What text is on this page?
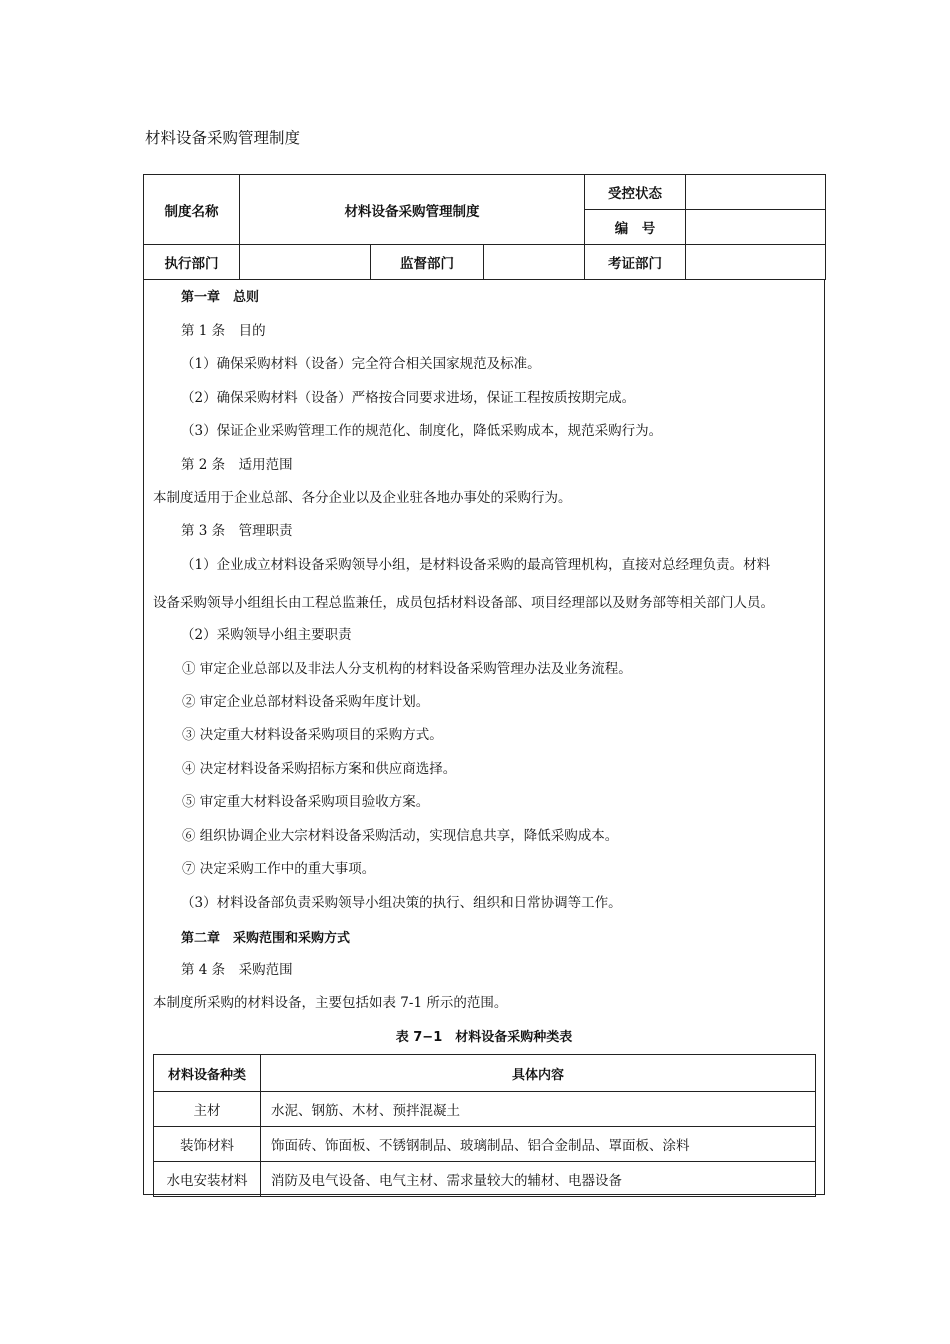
材料设备采购管理制度
制度名称	材料设备采购管理制度			受控状态	
				编　号	
执行部门		监督部门		考证部门	
第一章　总则
第 1 条　目的
（1）确保采购材料（设备）完全符合相关国家规范及标准。
（2）确保采购材料（设备）严格按合同要求进场，保证工程按质按期完成。
（3）保证企业采购管理工作的规范化、制度化，降低采购成本，规范采购行为。
第 2 条　适用范围
本制度适用于企业总部、各分企业以及企业驻各地办事处的采购行为。
第 3 条　管理职责
（1）企业成立材料设备采购领导小组，是材料设备采购的最高管理机构，直接对总经理负责。材料
设备采购领导小组组长由工程总监兼任，成员包括材料设备部、项目经理部以及财务部等相关部门人员。
（2）采购领导小组主要职责
① 审定企业总部以及非法人分支机构的材料设备采购管理办法及业务流程。
② 审定企业总部材料设备采购年度计划。
③ 决定重大材料设备采购项目的采购方式。
④ 决定材料设备采购招标方案和供应商选择。
⑤ 审定重大材料设备采购项目验收方案。
⑥ 组织协调企业大宗材料设备采购活动，实现信息共享，降低采购成本。
⑦ 决定采购工作中的重大事项。
（3）材料设备部负责采购领导小组决策的执行、组织和日常协调等工作。
第二章　采购范围和采购方式
第 4 条　采购范围
本制度所采购的材料设备，主要包括如表 7-1 所示的范围。
表 7−1　材料设备采购种类表
材料设备种类	具体内容
主材	水泥、钢筋、木材、预拌混凝土
装饰材料	饰面砖、饰面板、不锈钢制品、玻璃制品、铝合金制品、罩面板、涂料
水电安装材料	消防及电气设备、电气主材、需求量较大的辅材、电器设备
